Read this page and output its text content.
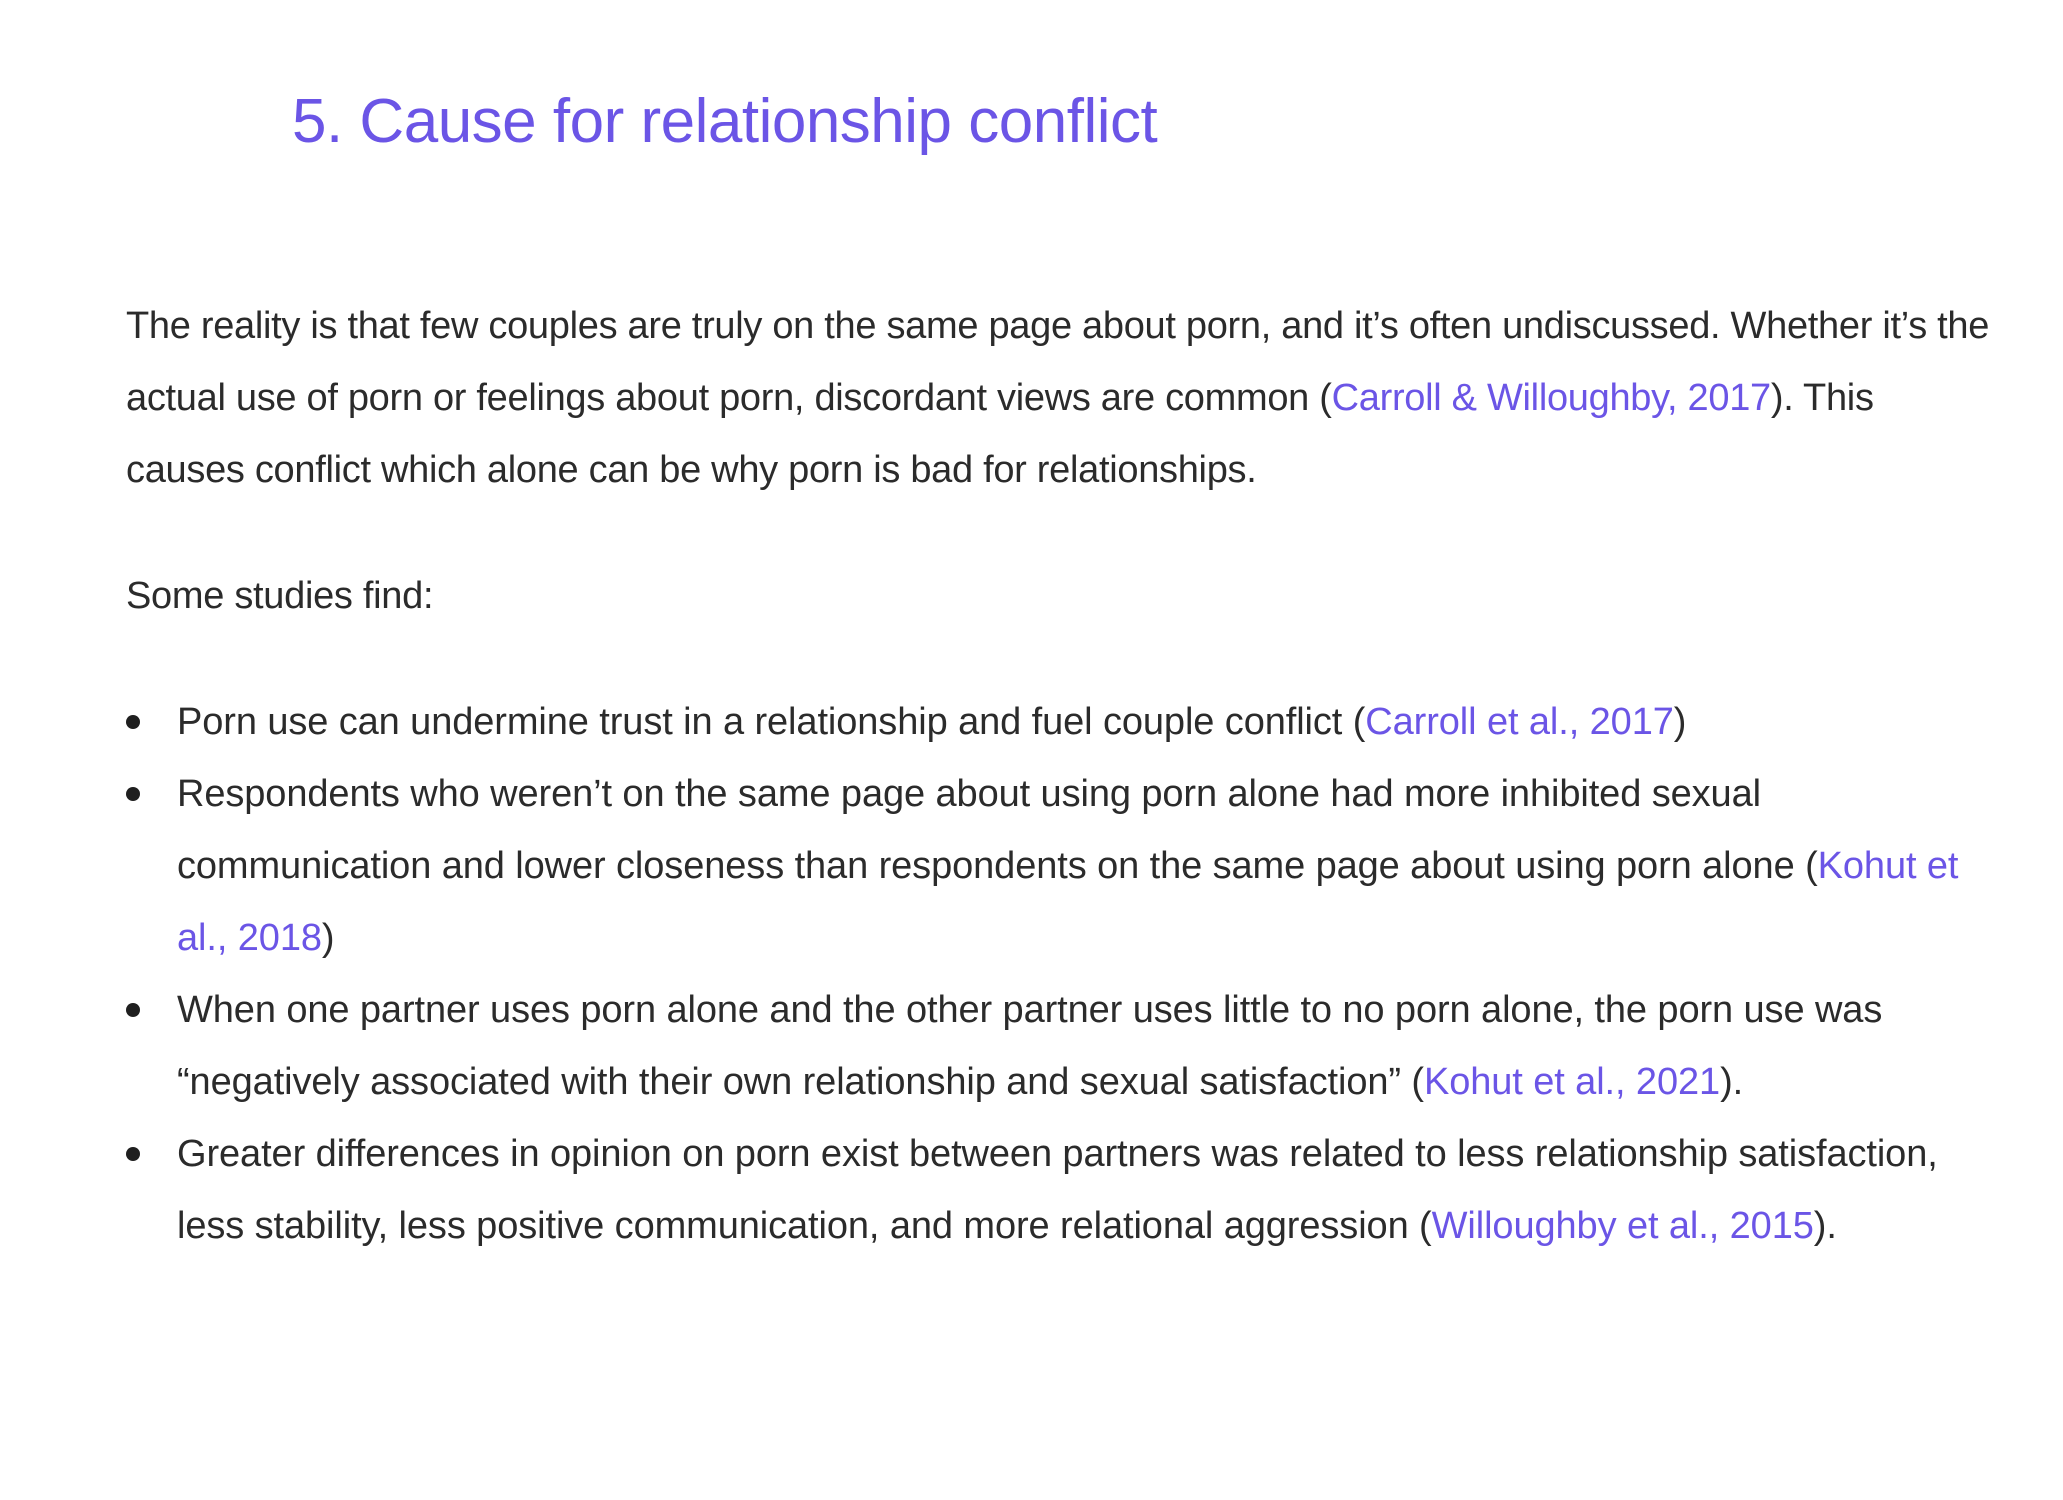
5. Cause for relationship conflict

The reality is that few couples are truly on the same page about porn, and it’s often undiscussed. Whether it’s the actual use of porn or feelings about porn, discordant views are common (Carroll & Willoughby, 2017). This causes conflict which alone can be why porn is bad for relationships.

Some studies find:

Porn use can undermine trust in a relationship and fuel couple conflict (Carroll et al., 2017)
Respondents who weren’t on the same page about using porn alone had more inhibited sexual communication and lower closeness than respondents on the same page about using porn alone (Kohut et al., 2018)
When one partner uses porn alone and the other partner uses little to no porn alone, the porn use was “negatively associated with their own relationship and sexual satisfaction” (Kohut et al., 2021).
Greater differences in opinion on porn exist between partners was related to less relationship satisfaction, less stability, less positive communication, and more relational aggression (Willoughby et al., 2015).
